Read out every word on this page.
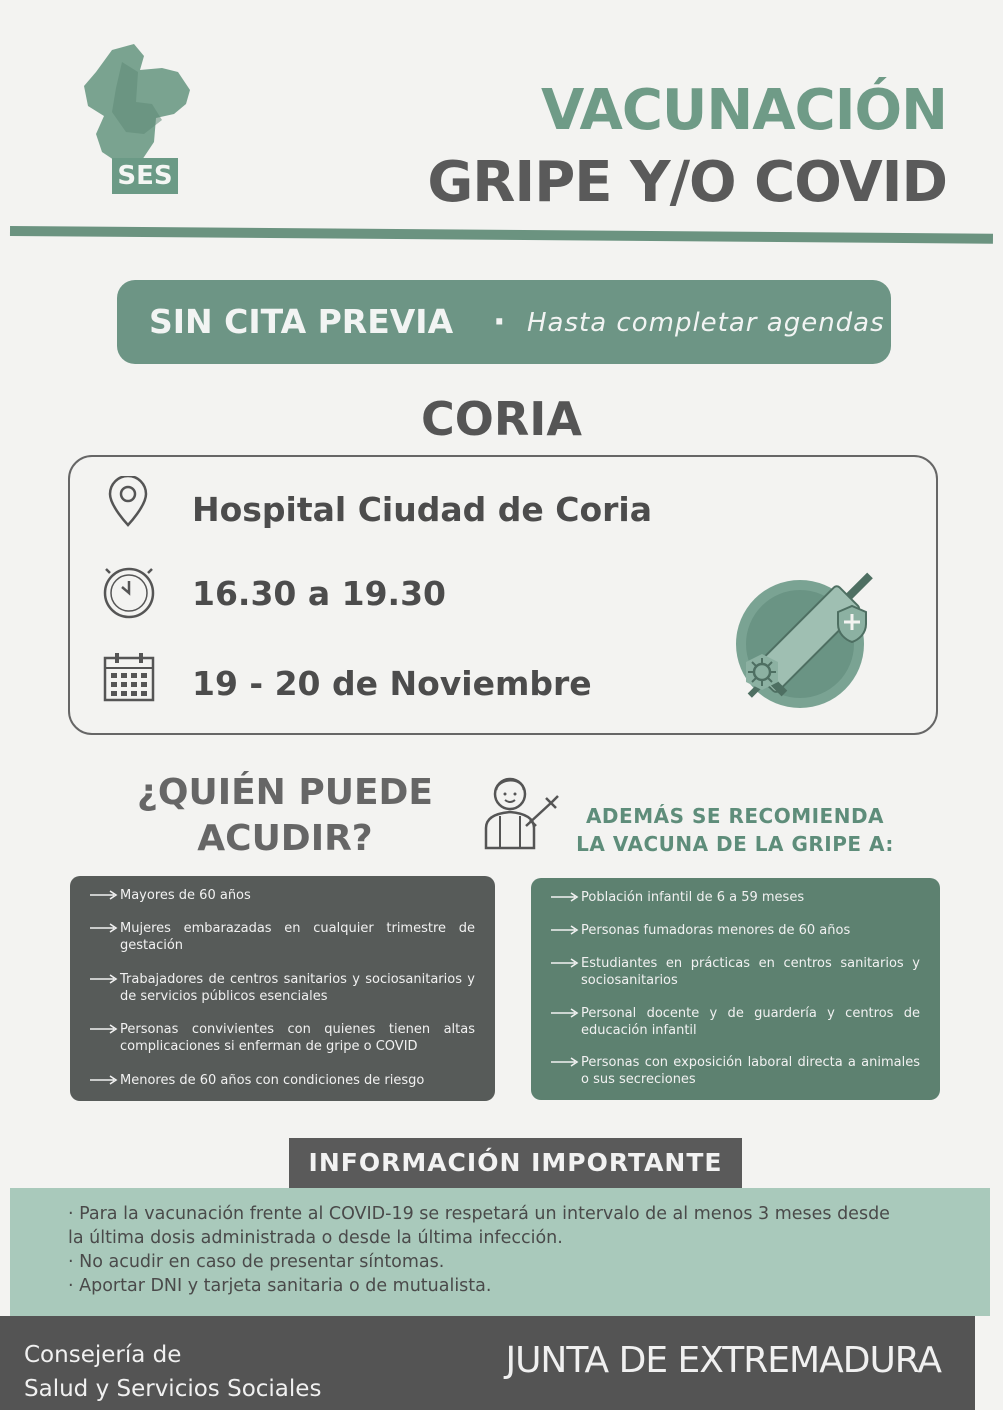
SES
VACUNACIÓN
GRIPE Y/O COVID
SIN CITA PREVIA · Hasta completar agendas
CORIA
Hospital Ciudad de Coria
16.30 a 19.30
19 - 20 de Noviembre
¿QUIÉN PUEDE
ACUDIR?
ADEMÁS SE RECOMIENDA
LA VACUNA DE LA GRIPE A:
Mayores de 60 años
Mujeres embarazadas en cualquier trimestre de gestación
Trabajadores de centros sanitarios y sociosanitarios y de servicios públicos esenciales
Personas convivientes con quienes tienen altas complicaciones si enferman de gripe o COVID
Menores de 60 años con condiciones de riesgo
Población infantil de 6 a 59 meses
Personas fumadoras menores de 60 años
Estudiantes en prácticas en centros sanitarios y sociosanitarios
Personal docente y de guardería y centros de educación infantil
Personas con exposición laboral directa a animales o sus secreciones
· Para la vacunación frente al COVID-19 se respetará un intervalo de al menos 3 meses desde
la última dosis administrada o desde la última infección.
· No acudir en caso de presentar síntomas.
· Aportar DNI y tarjeta sanitaria o de mutualista.
INFORMACIÓN IMPORTANTE
Consejería de
Salud y Servicios Sociales
JUNTA DE EXTREMADURA
